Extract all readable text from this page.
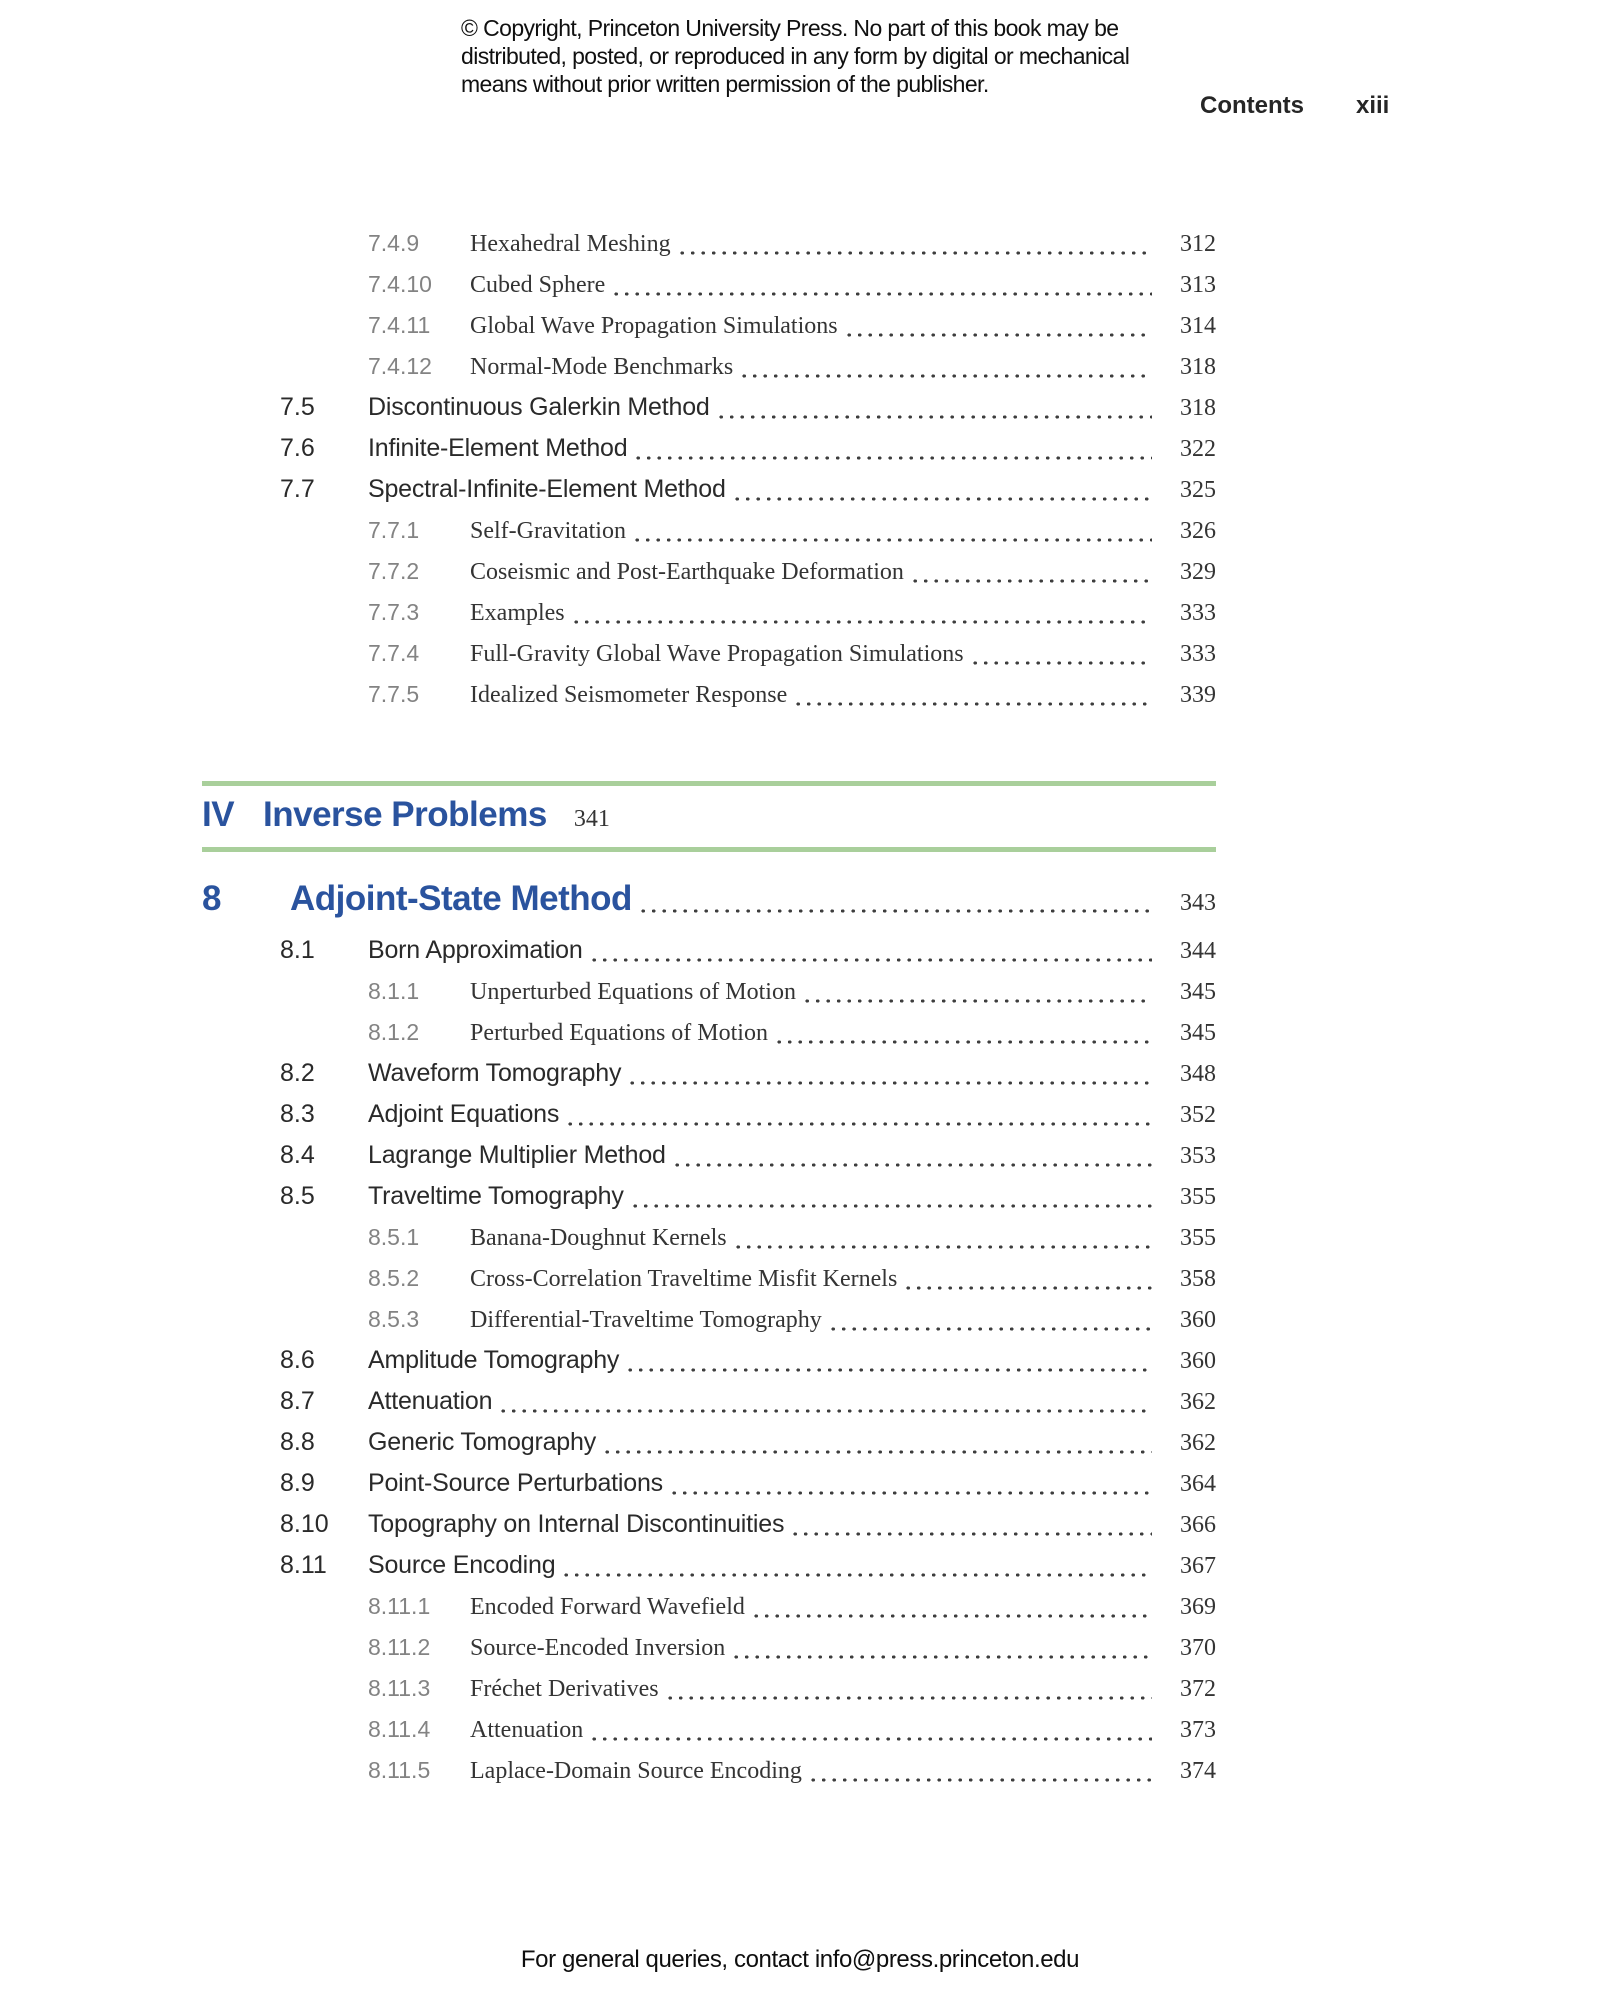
© Copyright, Princeton University Press. No part of this book may be
distributed, posted, or reproduced in any form by digital or mechanical
means without prior written permission of the publisher.
Contents xiii
7.4.9	Hexahedral Meshing	312
7.4.10	Cubed Sphere	313
7.4.11	Global Wave Propagation Simulations	314
7.4.12	Normal-Mode Benchmarks	318
7.5	Discontinuous Galerkin Method	318
7.6	Infinite-Element Method	322
7.7	Spectral-Infinite-Element Method	325
7.7.1	Self-Gravitation	326
7.7.2	Coseismic and Post-Earthquake Deformation	329
7.7.3	Examples	333
7.7.4	Full-Gravity Global Wave Propagation Simulations	333
7.7.5	Idealized Seismometer Response	339
IV Inverse Problems 341
8	Adjoint-State Method	343
8.1	Born Approximation	344
8.1.1	Unperturbed Equations of Motion	345
8.1.2	Perturbed Equations of Motion	345
8.2	Waveform Tomography	348
8.3	Adjoint Equations	352
8.4	Lagrange Multiplier Method	353
8.5	Traveltime Tomography	355
8.5.1	Banana-Doughnut Kernels	355
8.5.2	Cross-Correlation Traveltime Misfit Kernels	358
8.5.3	Differential-Traveltime Tomography	360
8.6	Amplitude Tomography	360
8.7	Attenuation	362
8.8	Generic Tomography	362
8.9	Point-Source Perturbations	364
8.10	Topography on Internal Discontinuities	366
8.11	Source Encoding	367
8.11.1	Encoded Forward Wavefield	369
8.11.2	Source-Encoded Inversion	370
8.11.3	Fréchet Derivatives	372
8.11.4	Attenuation	373
8.11.5	Laplace-Domain Source Encoding	374
For general queries, contact info@press.princeton.edu
